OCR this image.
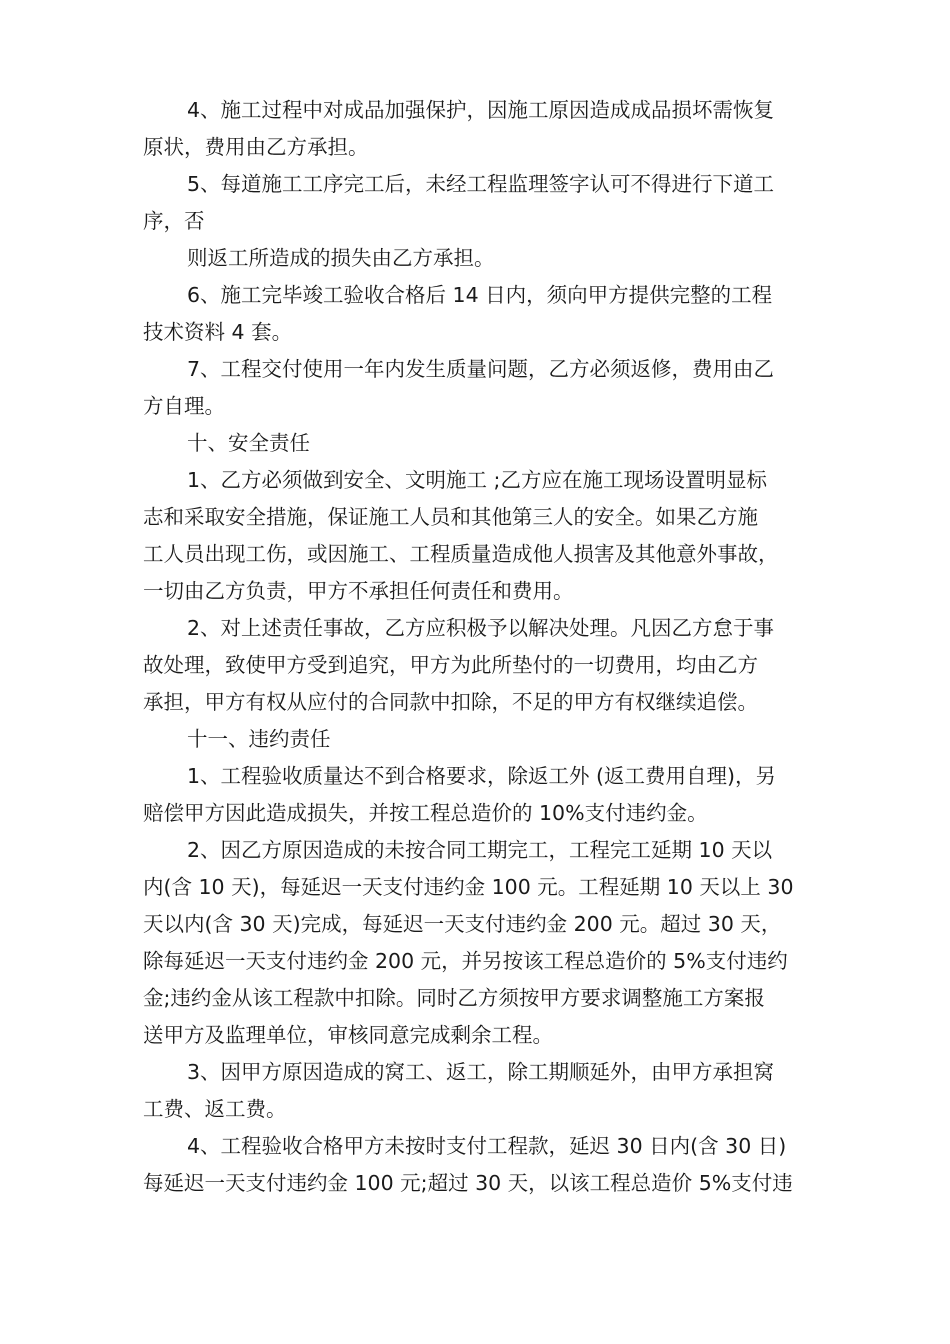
4、施工过程中对成品加强保护，因施工原因造成成品损坏需恢复
原状，费用由乙方承担。
5、每道施工工序完工后，未经工程监理签字认可不得进行下道工
序，否
则返工所造成的损失由乙方承担。
6、施工完毕竣工验收合格后 14 日内，须向甲方提供完整的工程
技术资料 4 套。
7、工程交付使用一年内发生质量问题，乙方必须返修，费用由乙
方自理。
十、安全责任
1、乙方必须做到安全、文明施工 ;乙方应在施工现场设置明显标
志和采取安全措施，保证施工人员和其他第三人的安全。如果乙方施
工人员出现工伤，或因施工、工程质量造成他人损害及其他意外事故，
一切由乙方负责，甲方不承担任何责任和费用。
2、对上述责任事故，乙方应积极予以解决处理。凡因乙方怠于事
故处理，致使甲方受到追究，甲方为此所垫付的一切费用，均由乙方
承担，甲方有权从应付的合同款中扣除，不足的甲方有权继续追偿。
十一、违约责任
1、工程验收质量达不到合格要求，除返工外 (返工费用自理)，另
赔偿甲方因此造成损失，并按工程总造价的 10%支付违约金。
2、因乙方原因造成的未按合同工期完工，工程完工延期 10 天以
内(含 10 天)，每延迟一天支付违约金 100 元。工程延期 10 天以上 30
天以内(含 30 天)完成，每延迟一天支付违约金 200 元。超过 30 天，
除每延迟一天支付违约金 200 元，并另按该工程总造价的 5%支付违约
金;违约金从该工程款中扣除。同时乙方须按甲方要求调整施工方案报
送甲方及监理单位，审核同意完成剩余工程。
3、因甲方原因造成的窝工、返工，除工期顺延外，由甲方承担窝
工费、返工费。
4、工程验收合格甲方未按时支付工程款，延迟 30 日内(含 30 日)
每延迟一天支付违约金 100 元;超过 30 天，以该工程总造价 5%支付违
